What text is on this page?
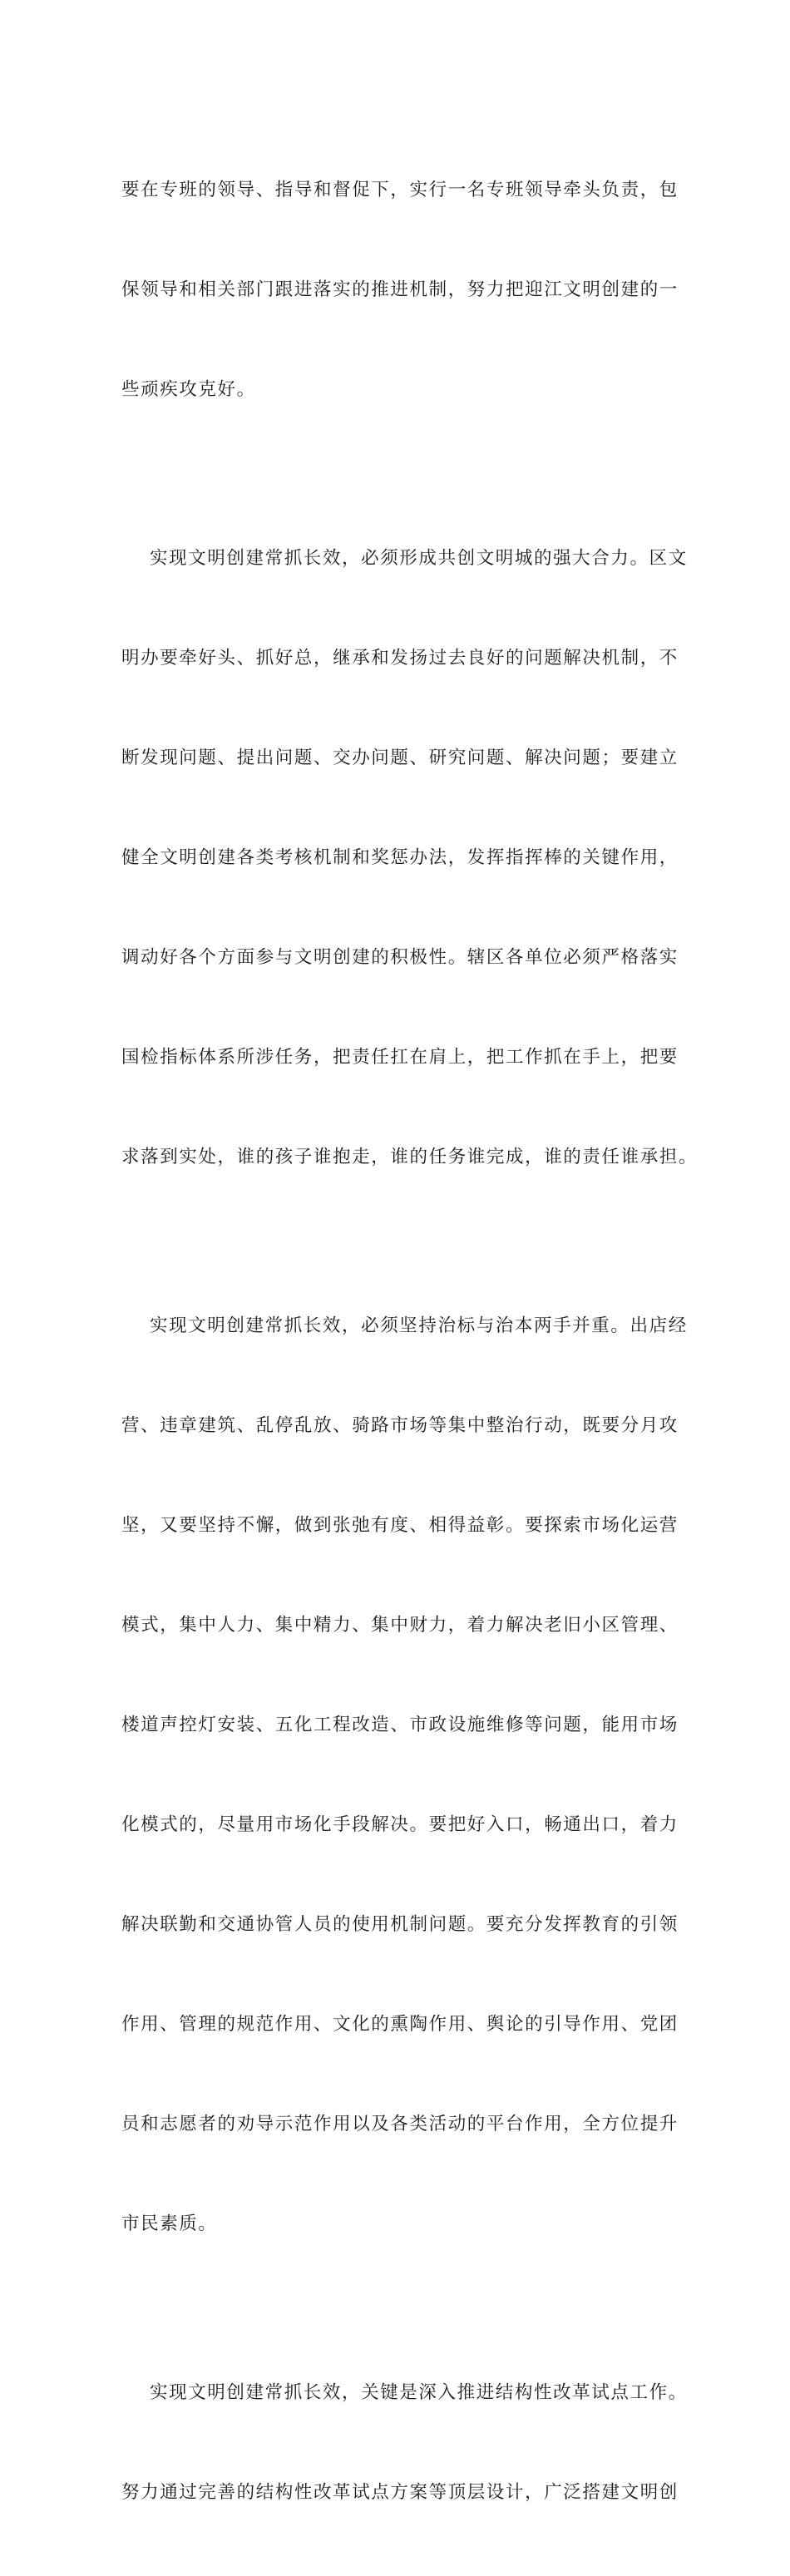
要在专班的领导、指导和督促下，实行一名专班领导牵头负责，包

保领导和相关部门跟进落实的推进机制，努力把迎江文明创建的一

些顽疾攻克好。

实现文明创建常抓长效，必须形成共创文明城的强大合力。区文

明办要牵好头、抓好总，继承和发扬过去良好的问题解决机制，不

断发现问题、提出问题、交办问题、研究问题、解决问题；要建立

健全文明创建各类考核机制和奖惩办法，发挥指挥棒的关键作用，

调动好各个方面参与文明创建的积极性。辖区各单位必须严格落实

国检指标体系所涉任务，把责任扛在肩上，把工作抓在手上，把要

求落到实处，谁的孩子谁抱走，谁的任务谁完成，谁的责任谁承担。

实现文明创建常抓长效，必须坚持治标与治本两手并重。出店经

营、违章建筑、乱停乱放、骑路市场等集中整治行动，既要分月攻

坚，又要坚持不懈，做到张弛有度、相得益彰。要探索市场化运营

模式，集中人力、集中精力、集中财力，着力解决老旧小区管理、

楼道声控灯安装、五化工程改造、市政设施维修等问题，能用市场

化模式的，尽量用市场化手段解决。要把好入口，畅通出口，着力

解决联勤和交通协管人员的使用机制问题。要充分发挥教育的引领

作用、管理的规范作用、文化的熏陶作用、舆论的引导作用、党团

员和志愿者的劝导示范作用以及各类活动的平台作用，全方位提升

市民素质。

实现文明创建常抓长效，关键是深入推进结构性改革试点工作。

努力通过完善的结构性改革试点方案等顶层设计，广泛搭建文明创
